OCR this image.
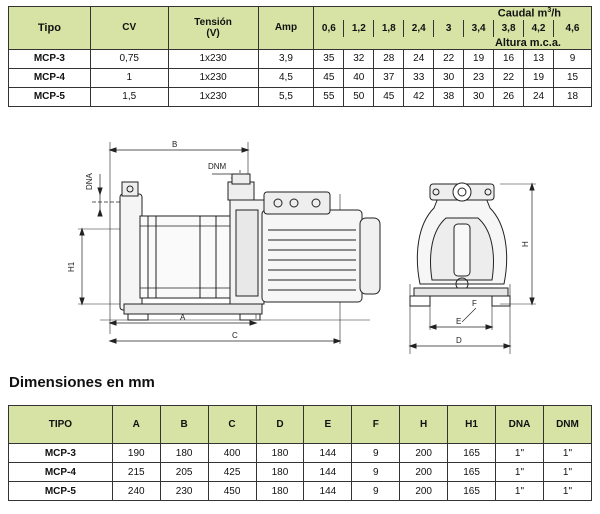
Tipo	CV	Tensión
(V)	Amp	Caudal $m^3/h$								
				0,6	1,2	1,8	2,4	3	3,4	3,8	4,2	4,6
				Altura m.c.a.								
MCP-3	0,75	1x230	3,9	35	32	28	24	22	19	16	13	9
MCP-4	1	1x230	4,5	45	40	37	33	30	23	22	19	15
MCP-5	1,5	1x230	5,5	55	50	45	42	38	30	26	24	18
B
DNM
DNA
H1
A
C
H
F
E
D
Dimensiones en mm
TIPO	A	B	C	D	E	F	H	H1	DNA	DNM
MCP-3	190	180	400	180	144	9	200	165	1"	1"
MCP-4	215	205	425	180	144	9	200	165	1"	1"
MCP-5	240	230	450	180	144	9	200	165	1"	1"
